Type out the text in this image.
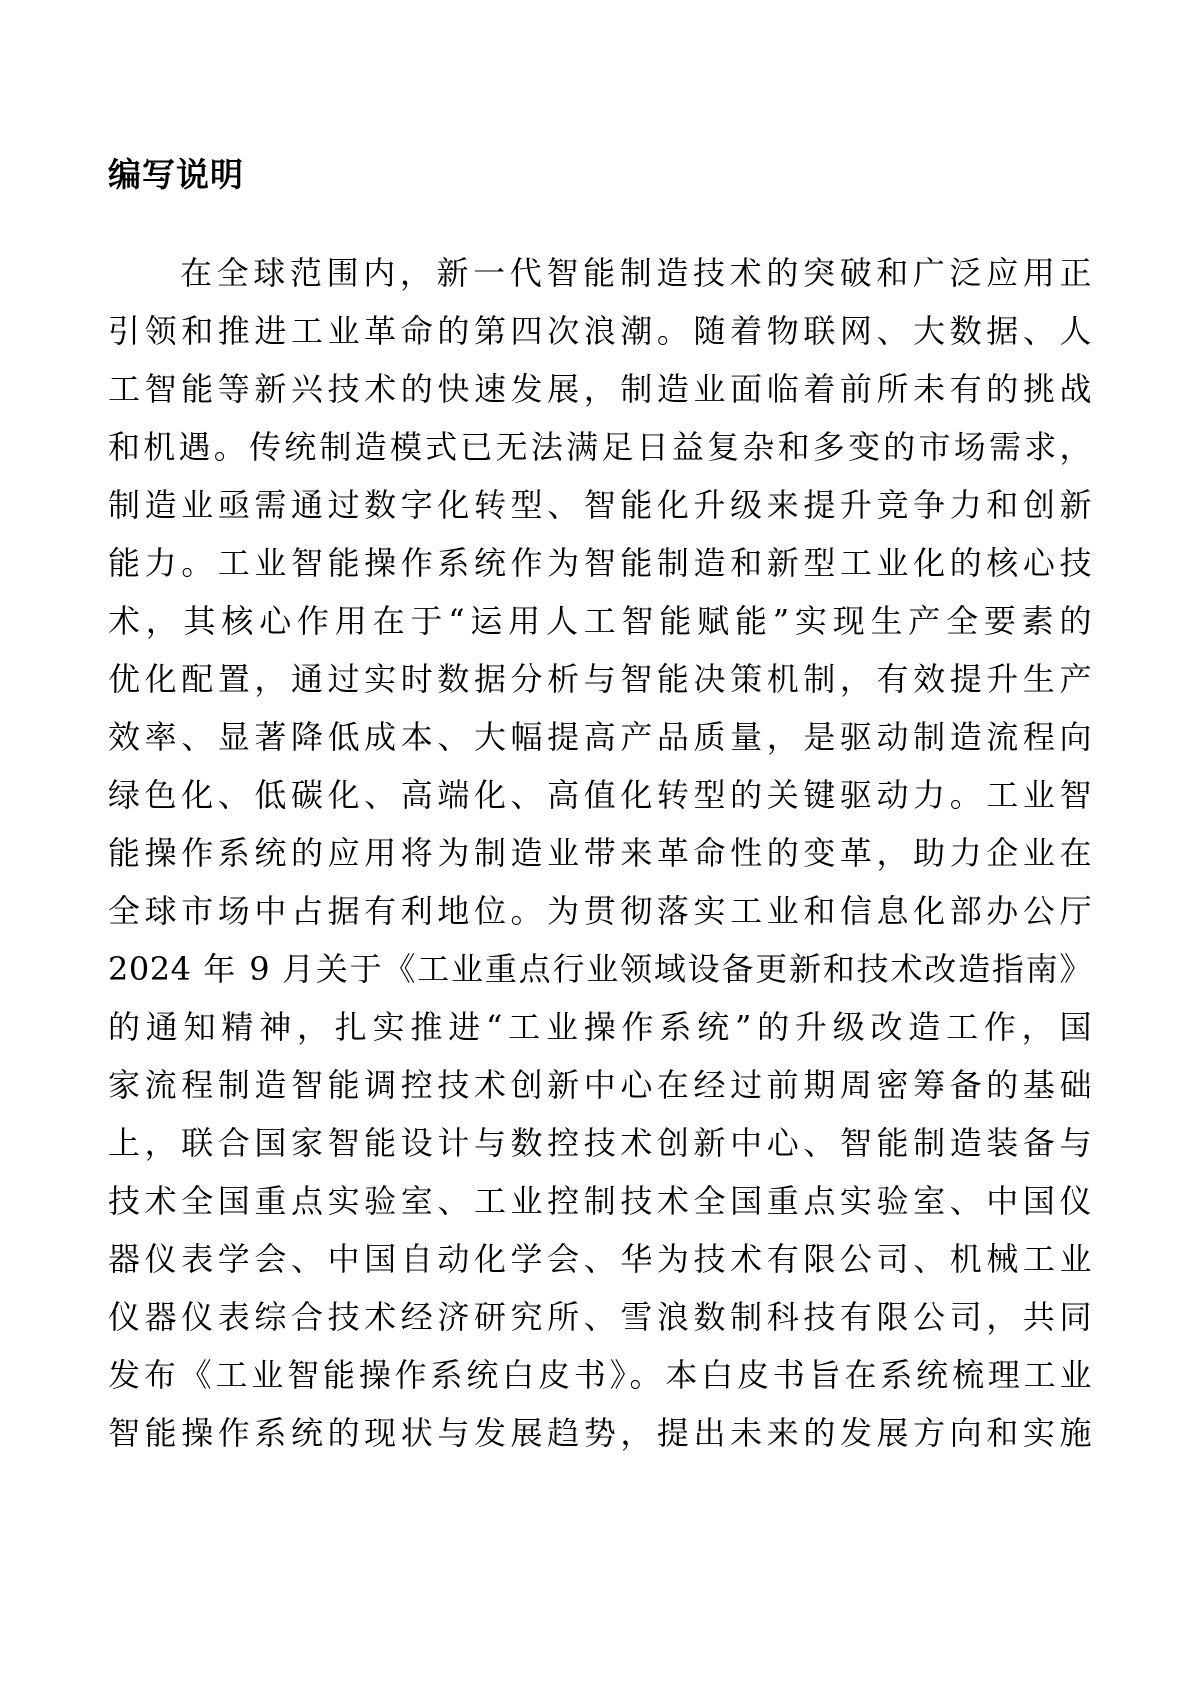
编写说明
在全球范围内，新一代智能制造技术的突破和广泛应用正
引领和推进工业革命的第四次浪潮。随着物联网、大数据、人
工智能等新兴技术的快速发展，制造业面临着前所未有的挑战
和机遇。传统制造模式已无法满足日益复杂和多变的市场需求，
制造业亟需通过数字化转型、智能化升级来提升竞争力和创新
能力。工业智能操作系统作为智能制造和新型工业化的核心技
术，其核心作用在于“运用人工智能赋能”实现生产全要素的
优化配置，通过实时数据分析与智能决策机制，有效提升生产
效率、显著降低成本、大幅提高产品质量，是驱动制造流程向
绿色化、低碳化、高端化、高值化转型的关键驱动力。工业智
能操作系统的应用将为制造业带来革命性的变革，助力企业在
全球市场中占据有利地位。为贯彻落实工业和信息化部办公厅
2024 年 9 月关于《工业重点行业领域设备更新和技术改造指南》
的通知精神，扎实推进“工业操作系统”的升级改造工作，国
家流程制造智能调控技术创新中心在经过前期周密筹备的基础
上，联合国家智能设计与数控技术创新中心、智能制造装备与
技术全国重点实验室、工业控制技术全国重点实验室、中国仪
器仪表学会、中国自动化学会、华为技术有限公司、机械工业
仪器仪表综合技术经济研究所、雪浪数制科技有限公司，共同
发布《工业智能操作系统白皮书》。本白皮书旨在系统梳理工业
智能操作系统的现状与发展趋势，提出未来的发展方向和实施
